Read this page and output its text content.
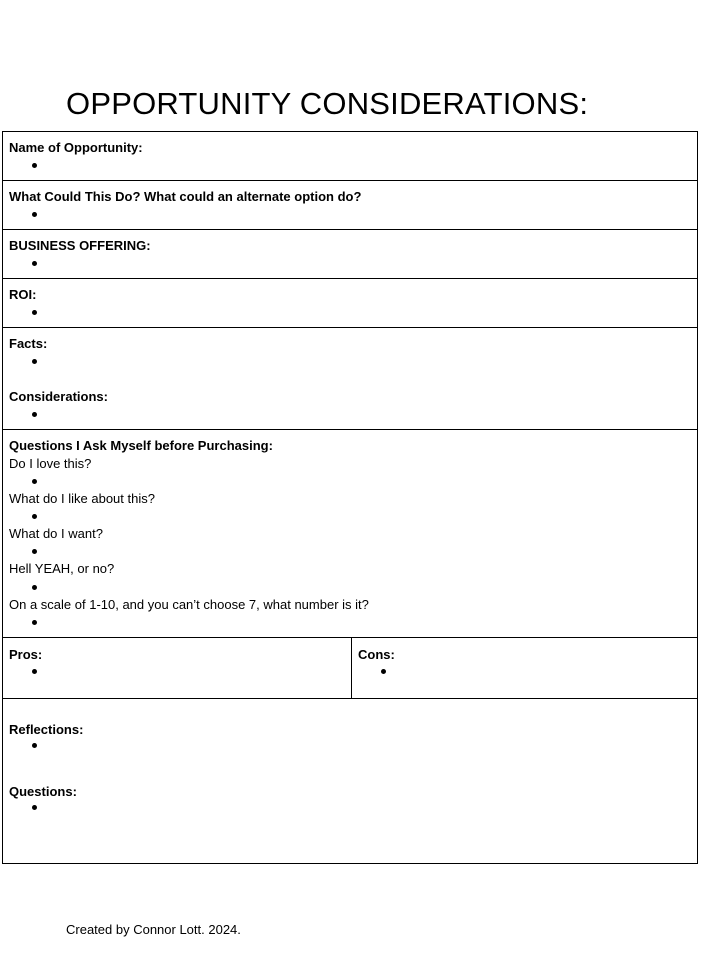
OPPORTUNITY CONSIDERATIONS:
Name of Opportunity:
What Could This Do? What could an alternate option do?
BUSINESS OFFERING:
ROI:
Facts:
Considerations:
Questions I Ask Myself before Purchasing:
Do I love this?
What do I like about this?
What do I want?
Hell YEAH, or no?
On a scale of 1-10, and you can’t choose 7, what number is it?
Pros:	Cons:
Reflections:
Questions:
Created by Connor Lott. 2024.
